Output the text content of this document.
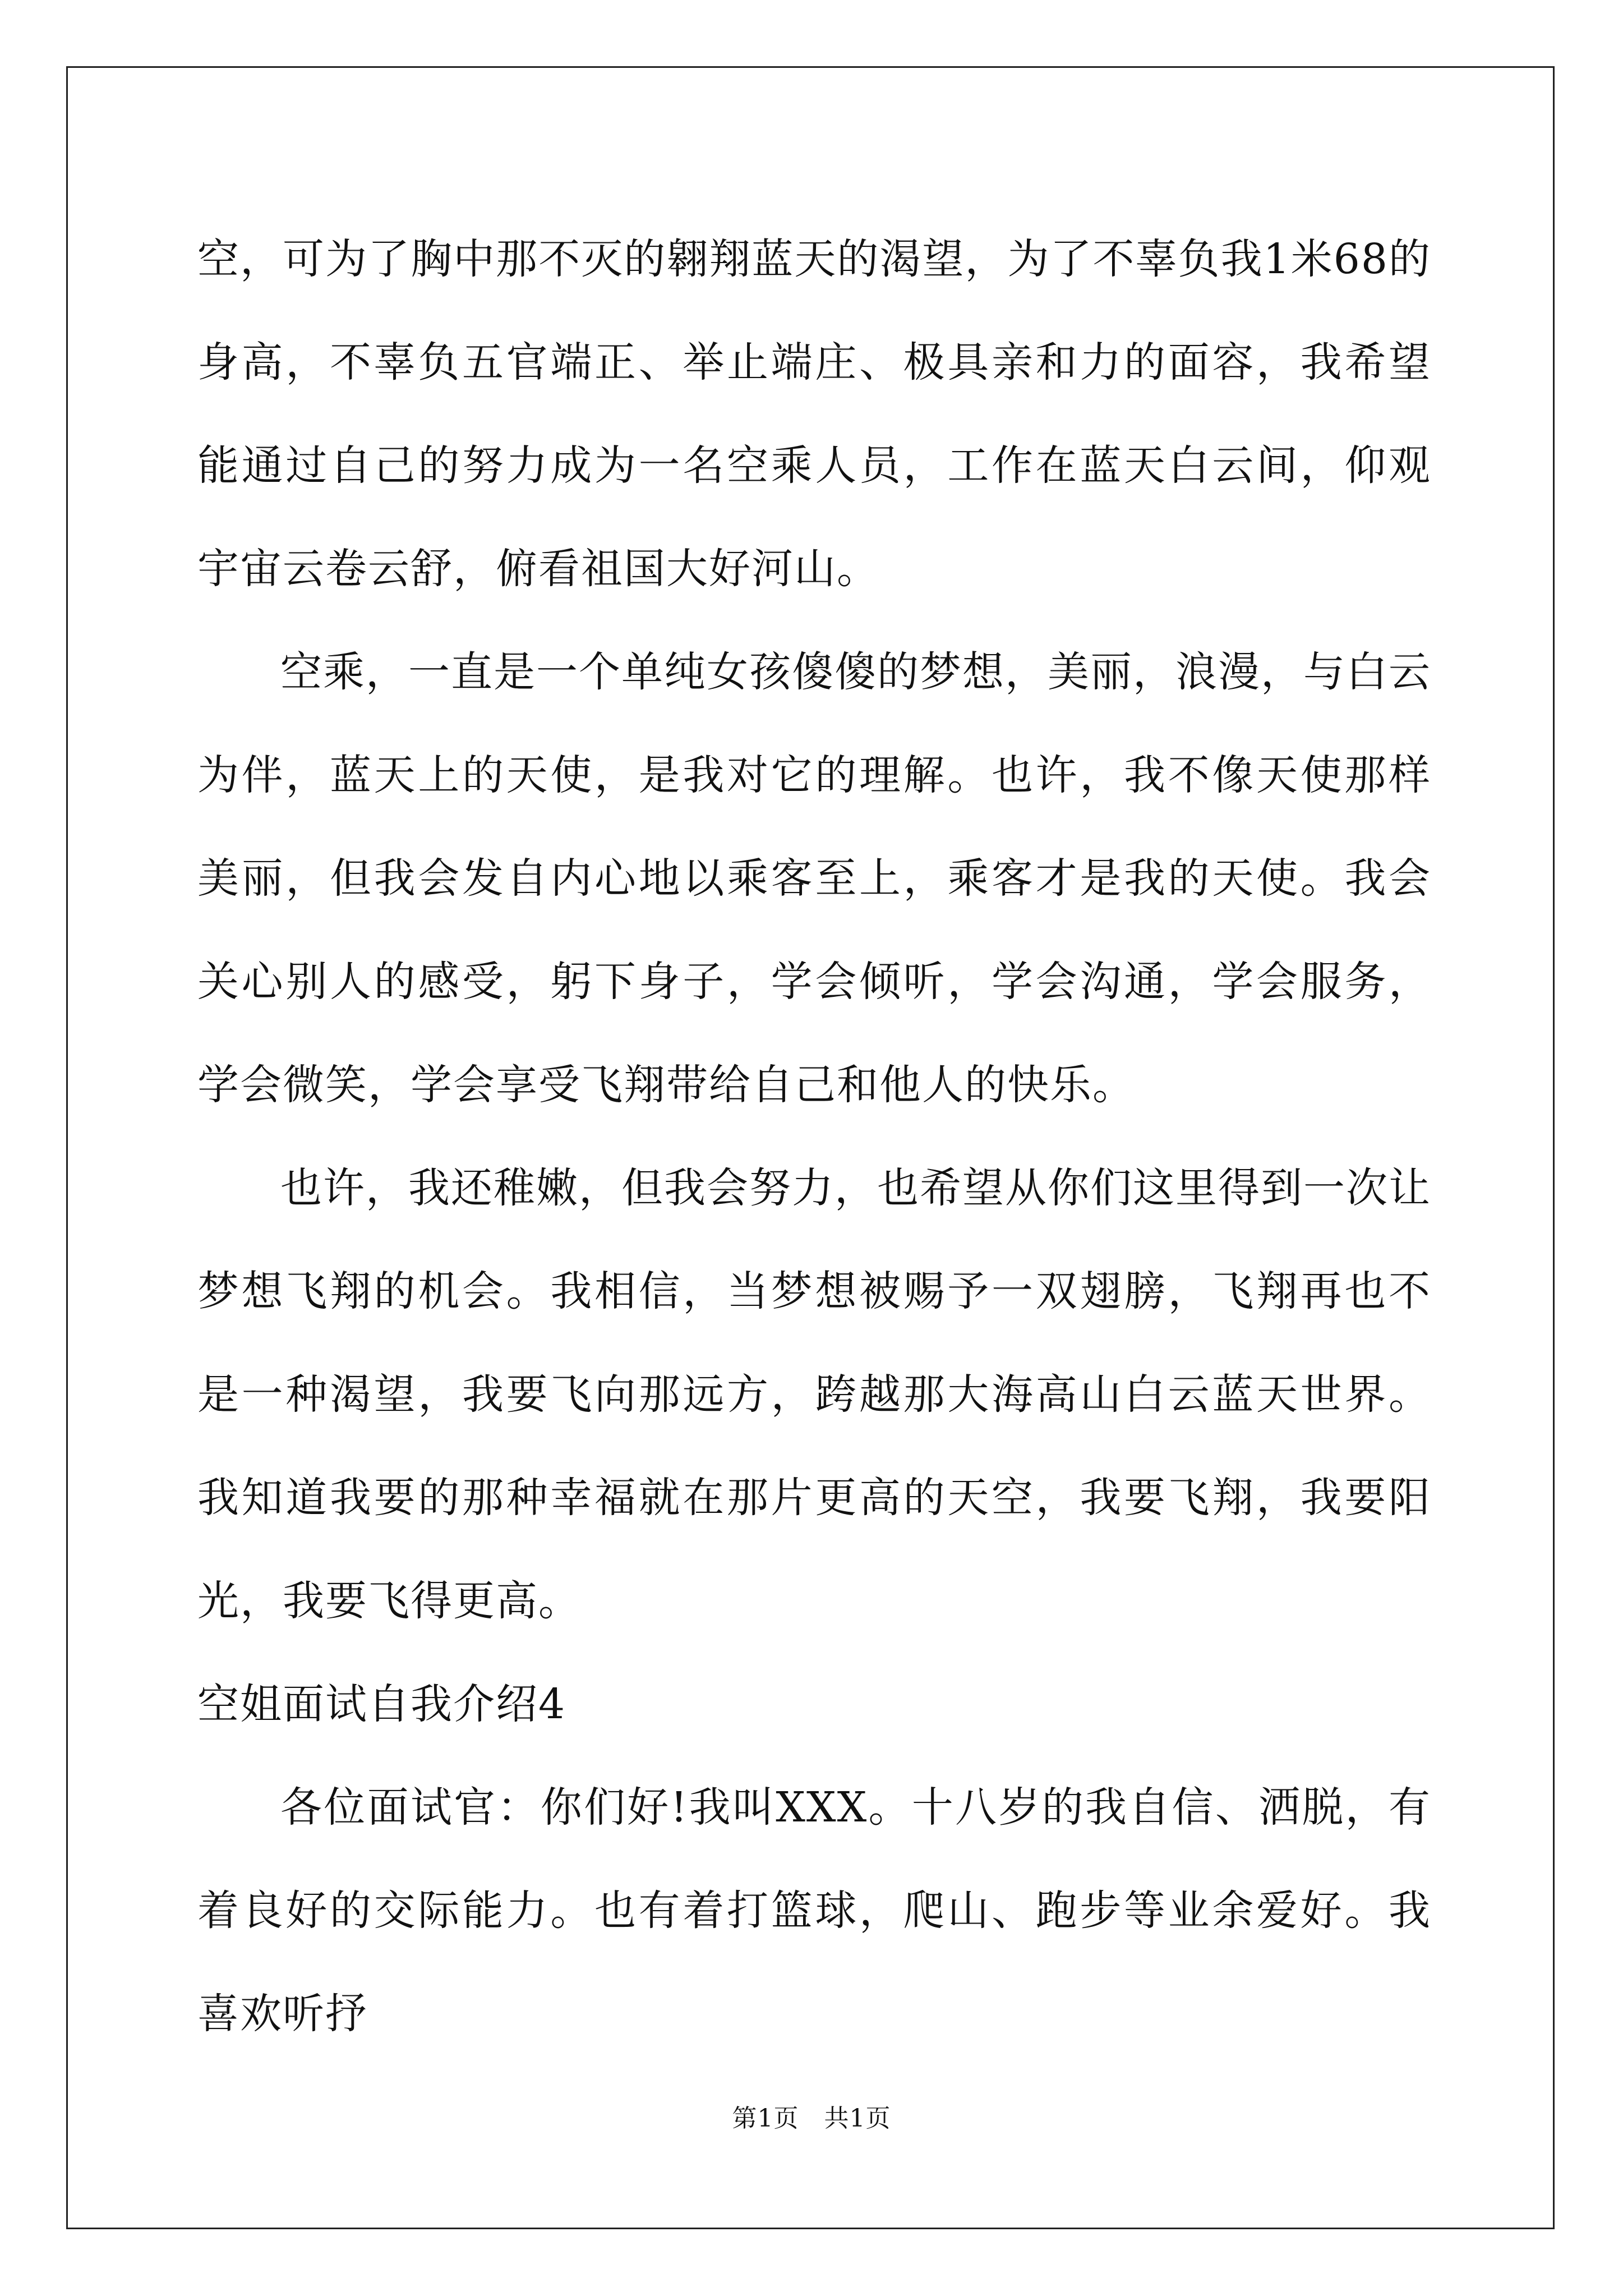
空，可为了胸中那不灭的翱翔蓝天的渴望，为了不辜负我1米68的身高，不辜负五官端正、举止端庄、极具亲和力的面容，我希望能通过自己的努力成为一名空乘人员，工作在蓝天白云间，仰观宇宙云卷云舒，俯看祖国大好河山。

空乘，一直是一个单纯女孩傻傻的梦想，美丽，浪漫，与白云为伴，蓝天上的天使，是我对它的理解。也许，我不像天使那样美丽，但我会发自内心地以乘客至上，乘客才是我的天使。我会关心别人的感受，躬下身子，学会倾听，学会沟通，学会服务，学会微笑，学会享受飞翔带给自己和他人的快乐。

也许，我还稚嫩，但我会努力，也希望从你们这里得到一次让梦想飞翔的机会。我相信，当梦想被赐予一双翅膀，飞翔再也不是一种渴望，我要飞向那远方，跨越那大海高山白云蓝天世界。我知道我要的那种幸福就在那片更高的天空，我要飞翔，我要阳光，我要飞得更高。

空姐面试自我介绍4

各位面试官：你们好!我叫XXX。十八岁的我自信、洒脱，有着良好的交际能力。也有着打篮球，爬山、跑步等业余爱好。我喜欢听抒

第1页　共1页
